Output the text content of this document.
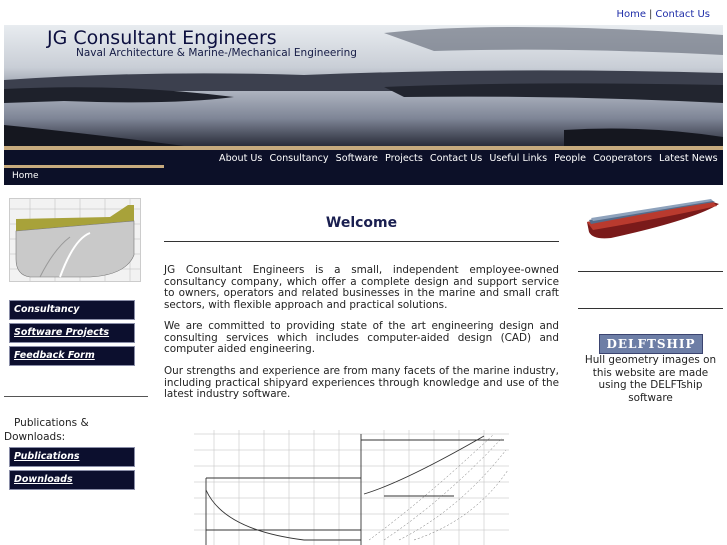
Home | Contact Us
JG Consultant Engineers
Naval Architecture & Marine-/Mechanical Engineering
About Us Consultancy Software Projects Contact Us Useful Links People Cooperators Latest News
Home
Consultancy
Software Projects
Feedback Form
Publications & Downloads:
Publications
Downloads
Welcome

JG Consultant Engineers is a small, independent employee-owned consultancy company, which offer a complete design and support service to owners, operators and related businesses in the marine and small craft sectors, with flexible approach and practical solutions.

We are committed to providing state of the art engineering design and consulting services which includes computer-aided design (CAD) and computer aided engineering.

Our strengths and experience are from many facets of the marine industry, including practical shipyard experiences through knowledge and use of the latest industry software.

DELFTSHIP
Hull geometry images on this website are made using the DELFTship software
